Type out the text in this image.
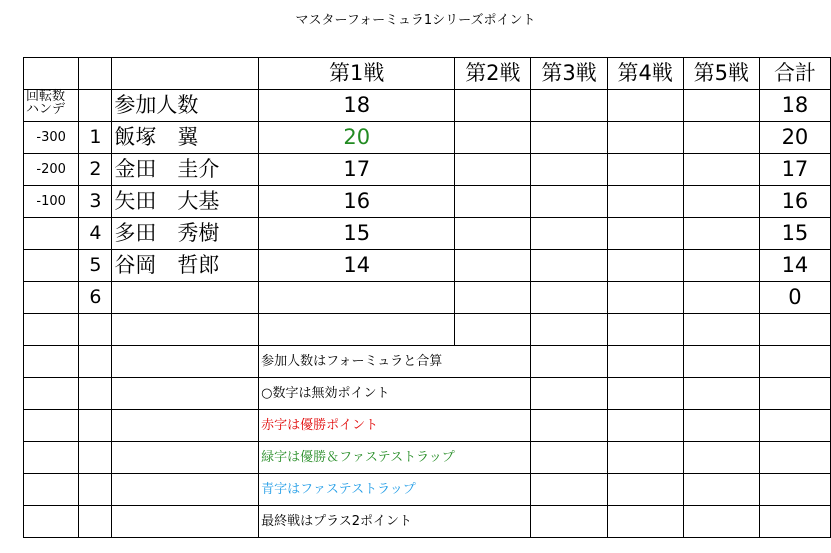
マスターフォーミュラ1シリーズポイント
			第1戦	第2戦	第3戦	第4戦	第5戦	合計
回転数
ハンデ		参加人数	18					18
-300	1	飯塚　翼	20					20
-200	2	金田　圭介	17					17
-100	3	矢田　大基	16					16
	4	多田　秀樹	15					15
	5	谷岡　哲郎	14					14
	6							0

			参加人数はフォーミュラと合算					
			○数字は無効ポイント					
			赤字は優勝ポイント					
			緑字は優勝＆ファステストラップ					
			青字はファステストラップ					
			最終戦はプラス2ポイント					
